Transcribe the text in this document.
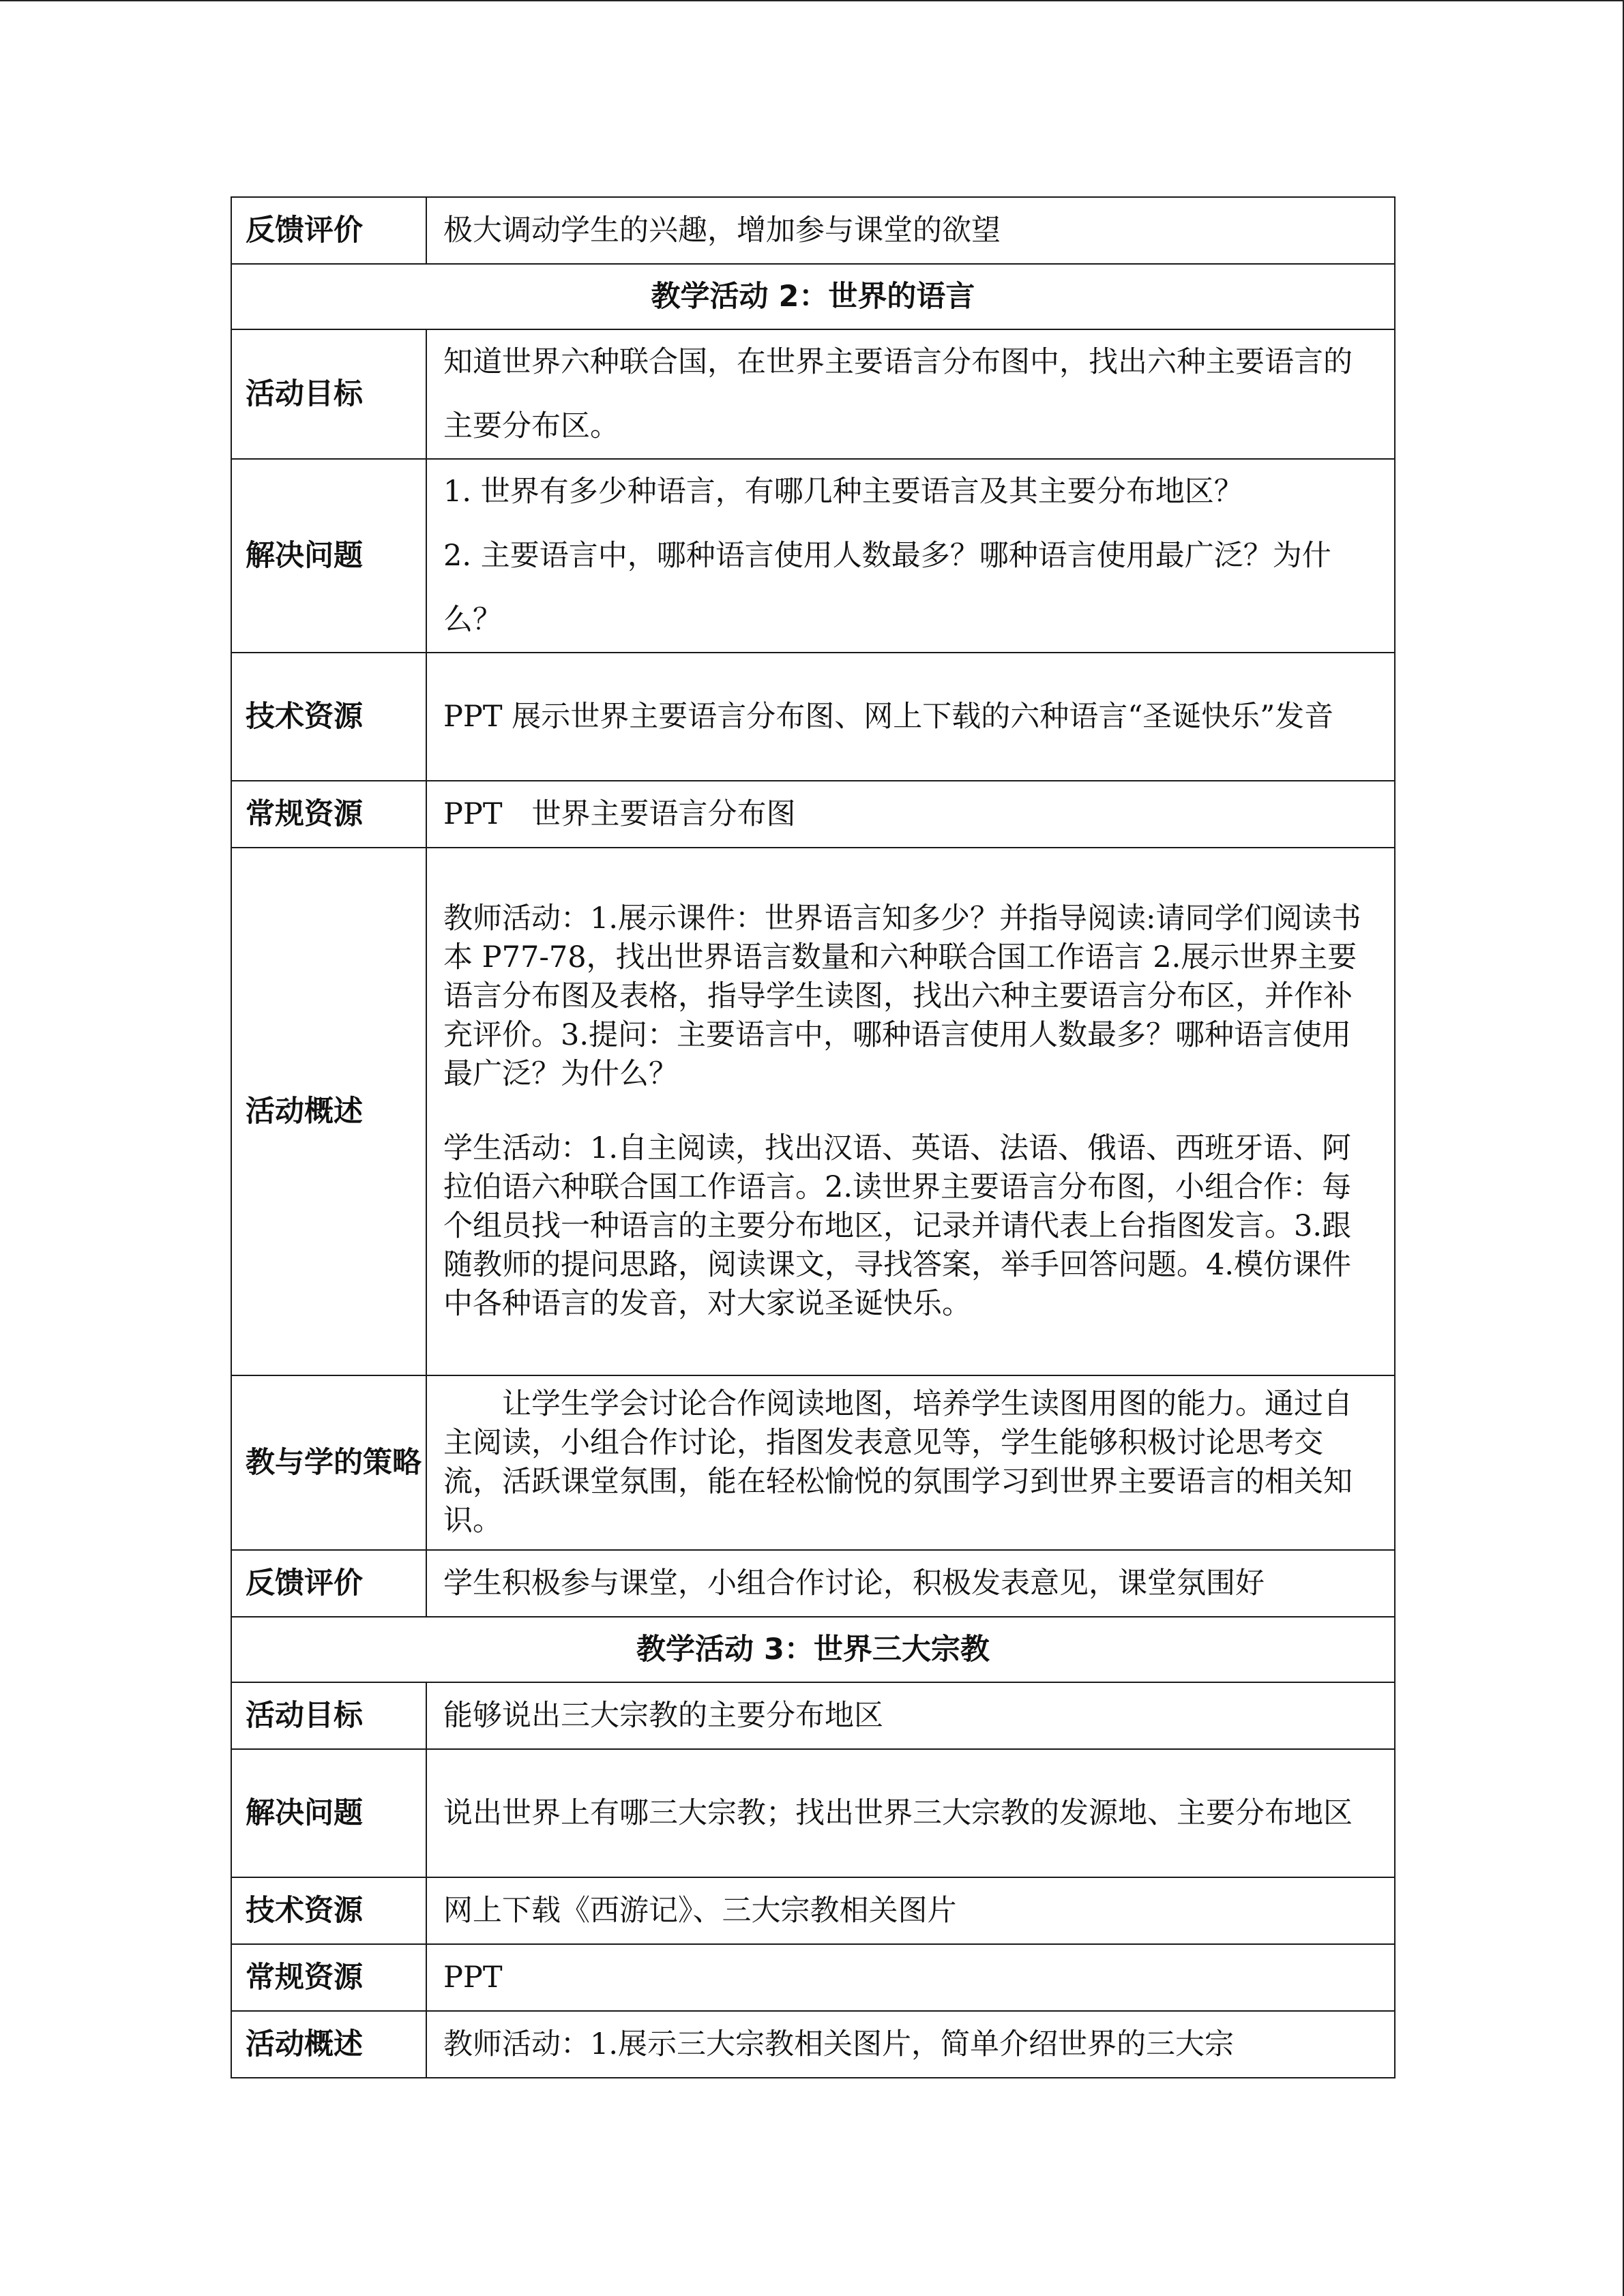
反馈评价	极大调动学生的兴趣，增加参与课堂的欲望
教学活动 2：世界的语言	
活动目标	知道世界六种联合国，在世界主要语言分布图中，找出六种主要语言的主要分布区。
解决问题	1. 世界有多少种语言，有哪几种主要语言及其主要分布地区？
2. 主要语言中，哪种语言使用人数最多？哪种语言使用最广泛？为什么？

技术资源	PPT 展示世界主要语言分布图、网上下载的六种语言“圣诞快乐”发音
常规资源	PPT　世界主要语言分布图
活动概述	教师活动：1.展示课件：世界语言知多少？并指导阅读:请同学们阅读书本 P77-78，找出世界语言数量和六种联合国工作语言 2.展示世界主要语言分布图及表格，指导学生读图，找出六种主要语言分布区，并作补充评价。3.提问：主要语言中，哪种语言使用人数最多？哪种语言使用最广泛？为什么？
学生活动：1.自主阅读，找出汉语、英语、法语、俄语、西班牙语、阿拉伯语六种联合国工作语言。2.读世界主要语言分布图，小组合作：每个组员找一种语言的主要分布地区，记录并请代表上台指图发言。3.跟随教师的提问思路，阅读课文，寻找答案，举手回答问题。4.模仿课件中各种语言的发音，对大家说圣诞快乐。

教与学的策略	让学生学会讨论合作阅读地图，培养学生读图用图的能力。通过自主阅读，小组合作讨论，指图发表意见等，学生能够积极讨论思考交流，活跃课堂氛围，能在轻松愉悦的氛围学习到世界主要语言的相关知识。
反馈评价	学生积极参与课堂，小组合作讨论，积极发表意见，课堂氛围好
教学活动 3：世界三大宗教	
活动目标	能够说出三大宗教的主要分布地区
解决问题	说出世界上有哪三大宗教；找出世界三大宗教的发源地、主要分布地区
技术资源	网上下载《西游记》、三大宗教相关图片
常规资源	PPT
活动概述	教师活动：1.展示三大宗教相关图片，简单介绍世界的三大宗
